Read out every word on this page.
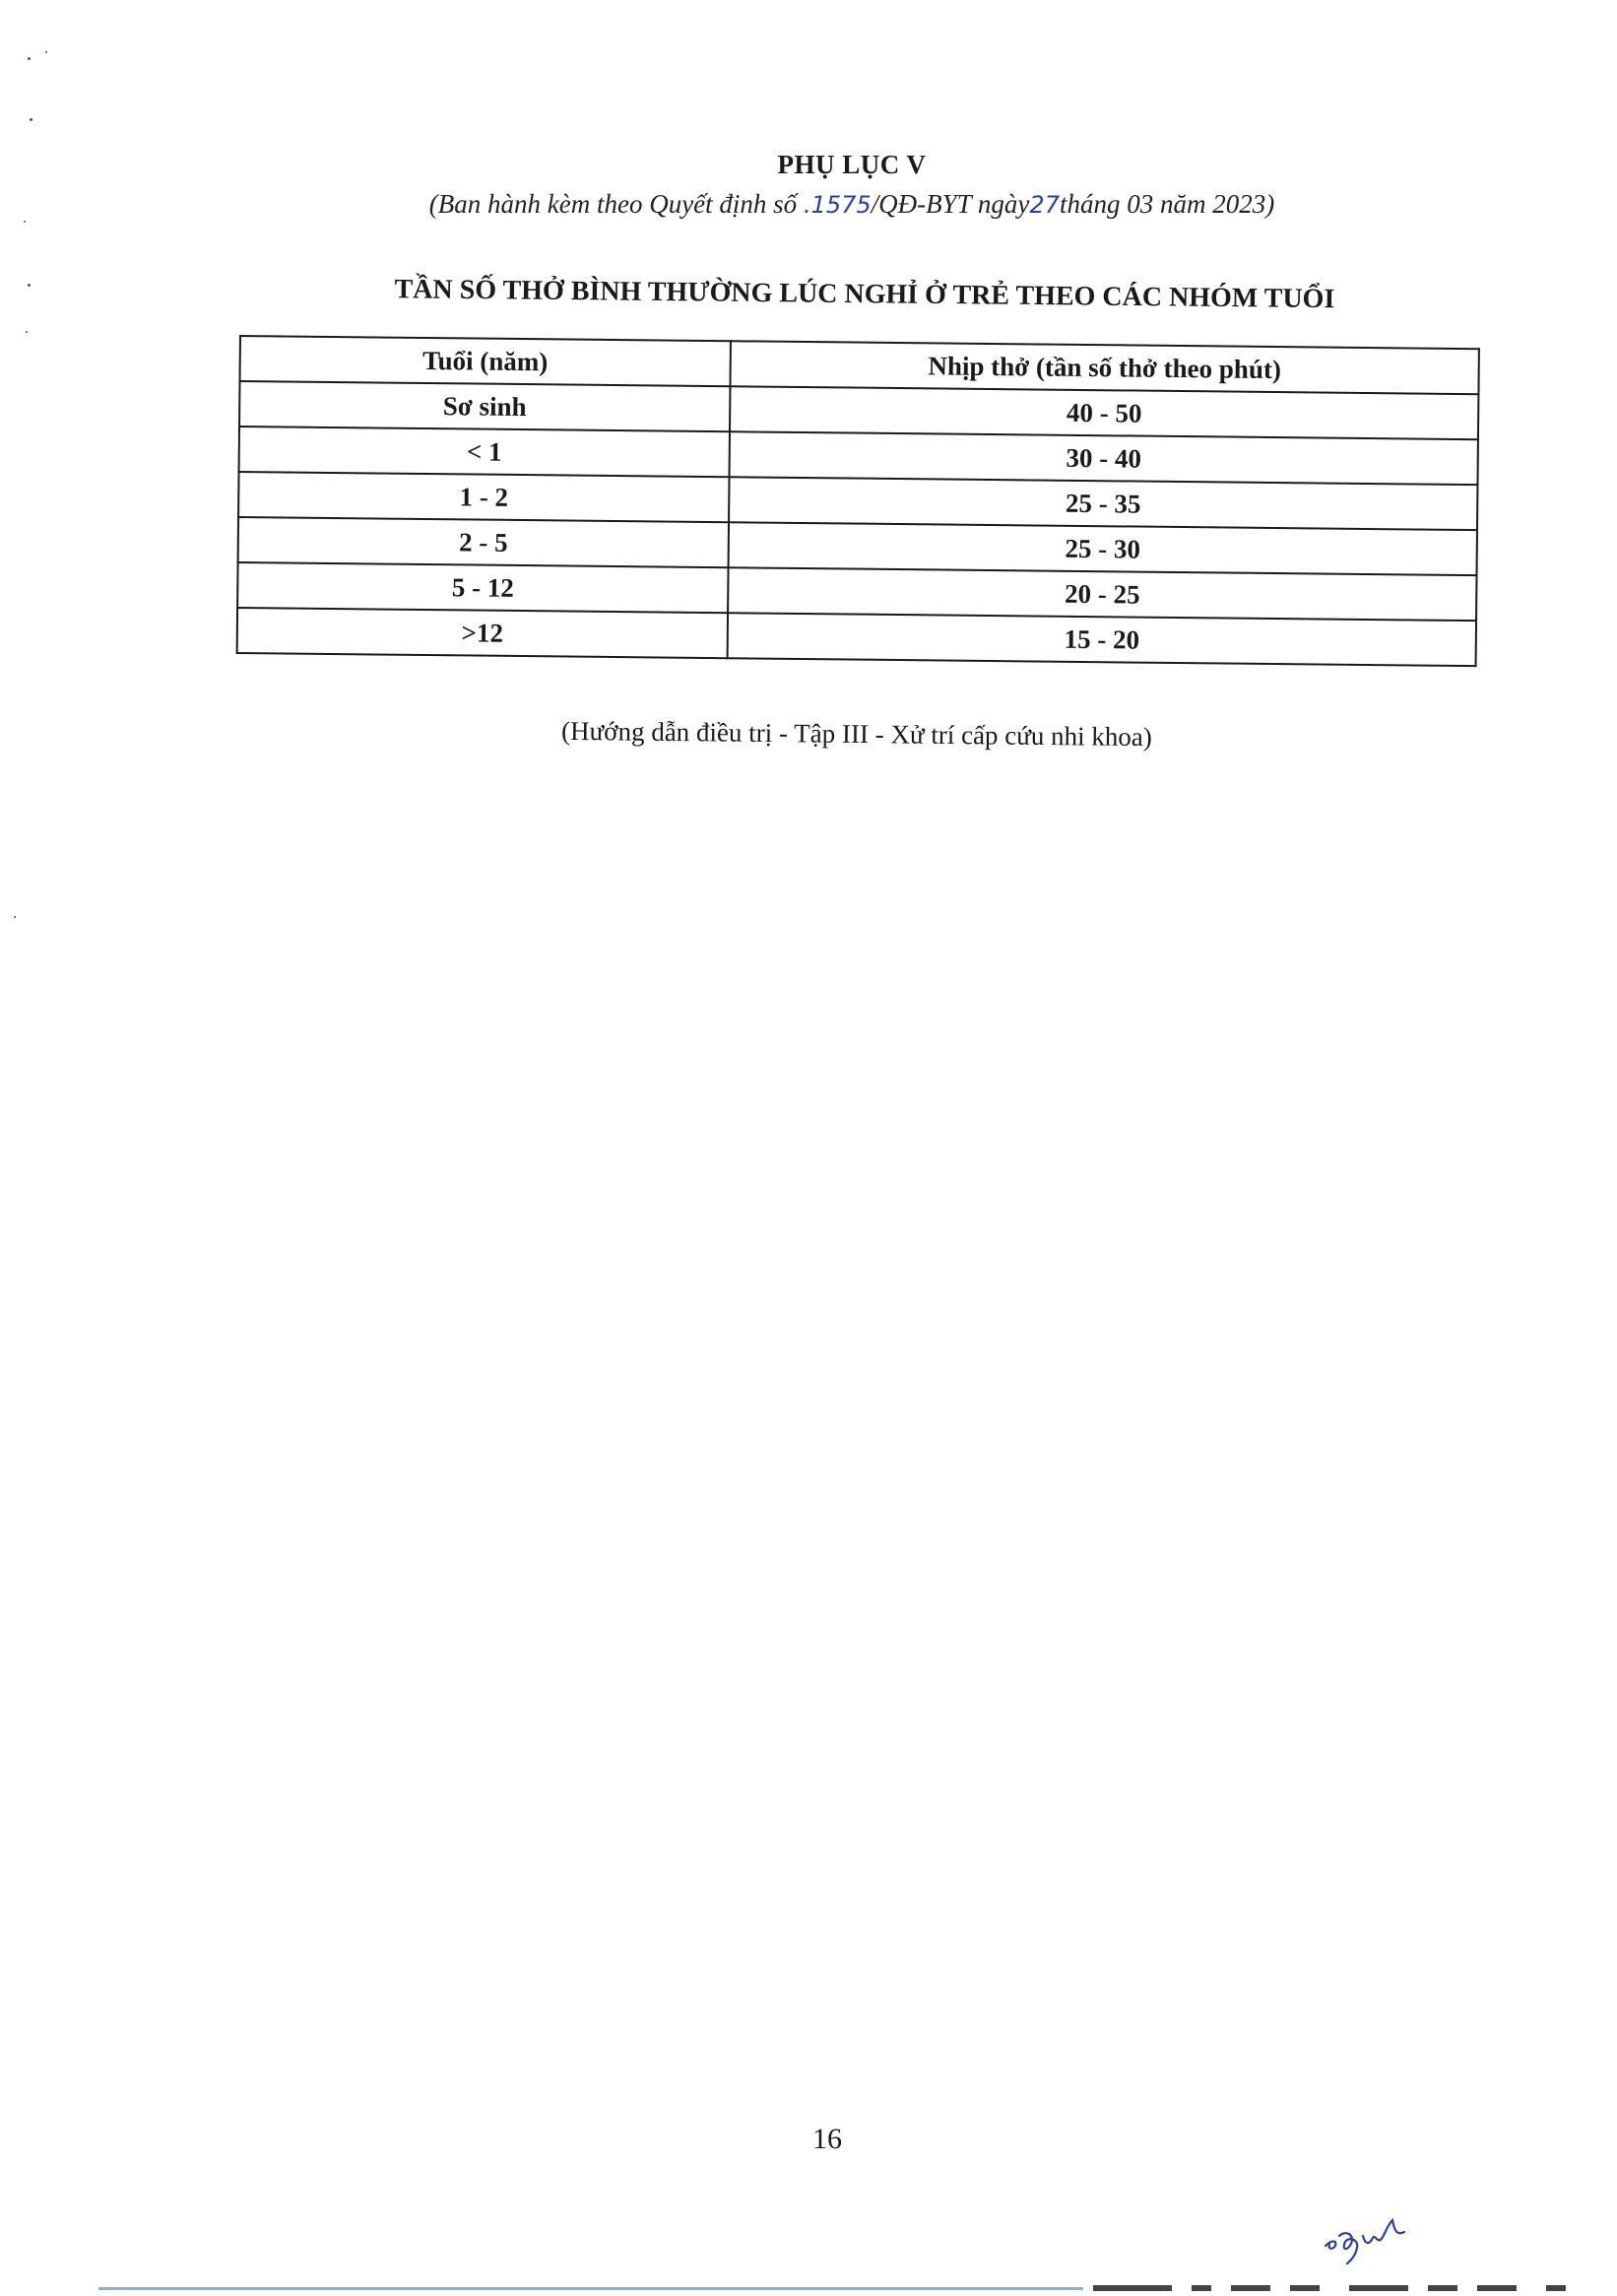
PHỤ LỤC V
(Ban hành kèm theo Quyết định số .1575/QĐ-BYT ngày27tháng 03 năm 2023)
TẦN SỐ THỞ BÌNH THƯỜNG LÚC NGHỈ Ở TRẺ THEO CÁC NHÓM TUỔI
Tuổi (năm)	Nhịp thở (tần số thở theo phút)
Sơ sinh	40 - 50
< 1	30 - 40
1 - 2	25 - 35
2 - 5	25 - 30
5 - 12	20 - 25
>12	15 - 20
(Hướng dẫn điều trị - Tập III - Xử trí cấp cứu nhi khoa)
16
